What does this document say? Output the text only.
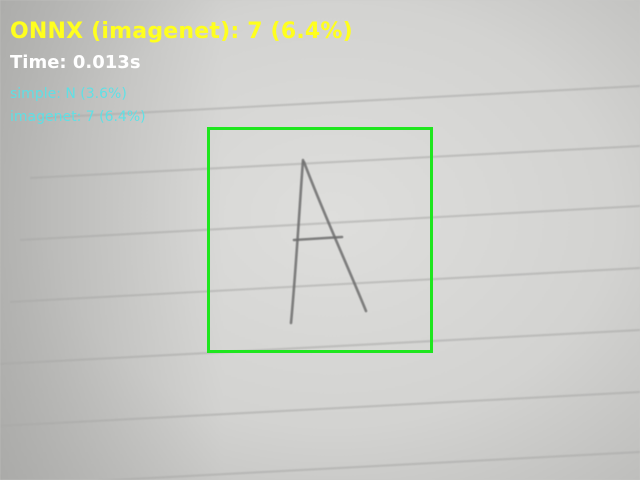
ONNX (imagenet): 7 (6.4%)
Time: 0.013s
simple: N (3.6%)
imagenet: 7 (6.4%)
